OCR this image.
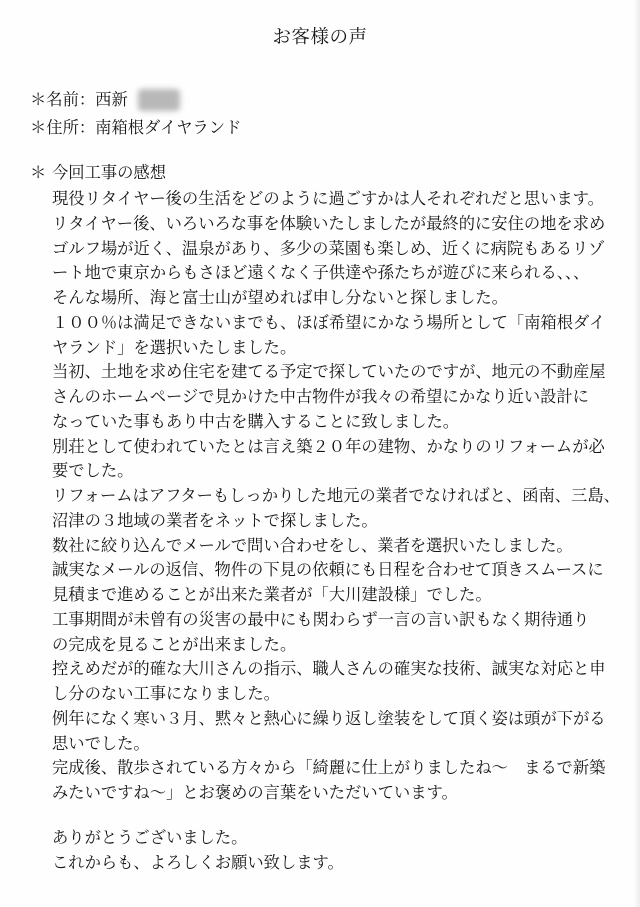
お客様の声
＊名前：西新
＊住所：南箱根ダイヤランド
＊ 今回工事の感想
現役リタイヤー後の生活をどのように過ごすかは人それぞれだと思います。
リタイヤー後、いろいろな事を体験いたしましたが最終的に安住の地を求め
ゴルフ場が近く、温泉があり、多少の菜園も楽しめ、近くに病院もあるリゾ
ート地で東京からもさほど遠くなく子供達や孫たちが遊びに来られる、、、
そんな場所、海と富士山が望めれば申し分ないと探しました。
１００％は満足できないまでも、ほぼ希望にかなう場所として「南箱根ダイ
ヤランド」を選択いたしました。
当初、土地を求め住宅を建てる予定で探していたのですが、地元の不動産屋
さんのホームページで見かけた中古物件が我々の希望にかなり近い設計に
なっていた事もあり中古を購入することに致しました。
別荘として使われていたとは言え築２０年の建物、かなりのリフォームが必
要でした。
リフォームはアフターもしっかりした地元の業者でなければと、函南、三島、
沼津の３地域の業者をネットで探しました。
数社に絞り込んでメールで問い合わせをし、業者を選択いたしました。
誠実なメールの返信、物件の下見の依頼にも日程を合わせて頂きスムースに
見積まで進めることが出来た業者が「大川建設様」でした。
工事期間が未曾有の災害の最中にも関わらず一言の言い訳もなく期待通り
の完成を見ることが出来ました。
控えめだが的確な大川さんの指示、職人さんの確実な技術、誠実な対応と申
し分のない工事になりました。
例年になく寒い３月、黙々と熱心に繰り返し塗装をして頂く姿は頭が下がる
思いでした。
完成後、散歩されている方々から「綺麗に仕上がりましたね～　まるで新築
みたいですね～」とお褒めの言葉をいただいています。
ありがとうございました。
これからも、よろしくお願い致します。
